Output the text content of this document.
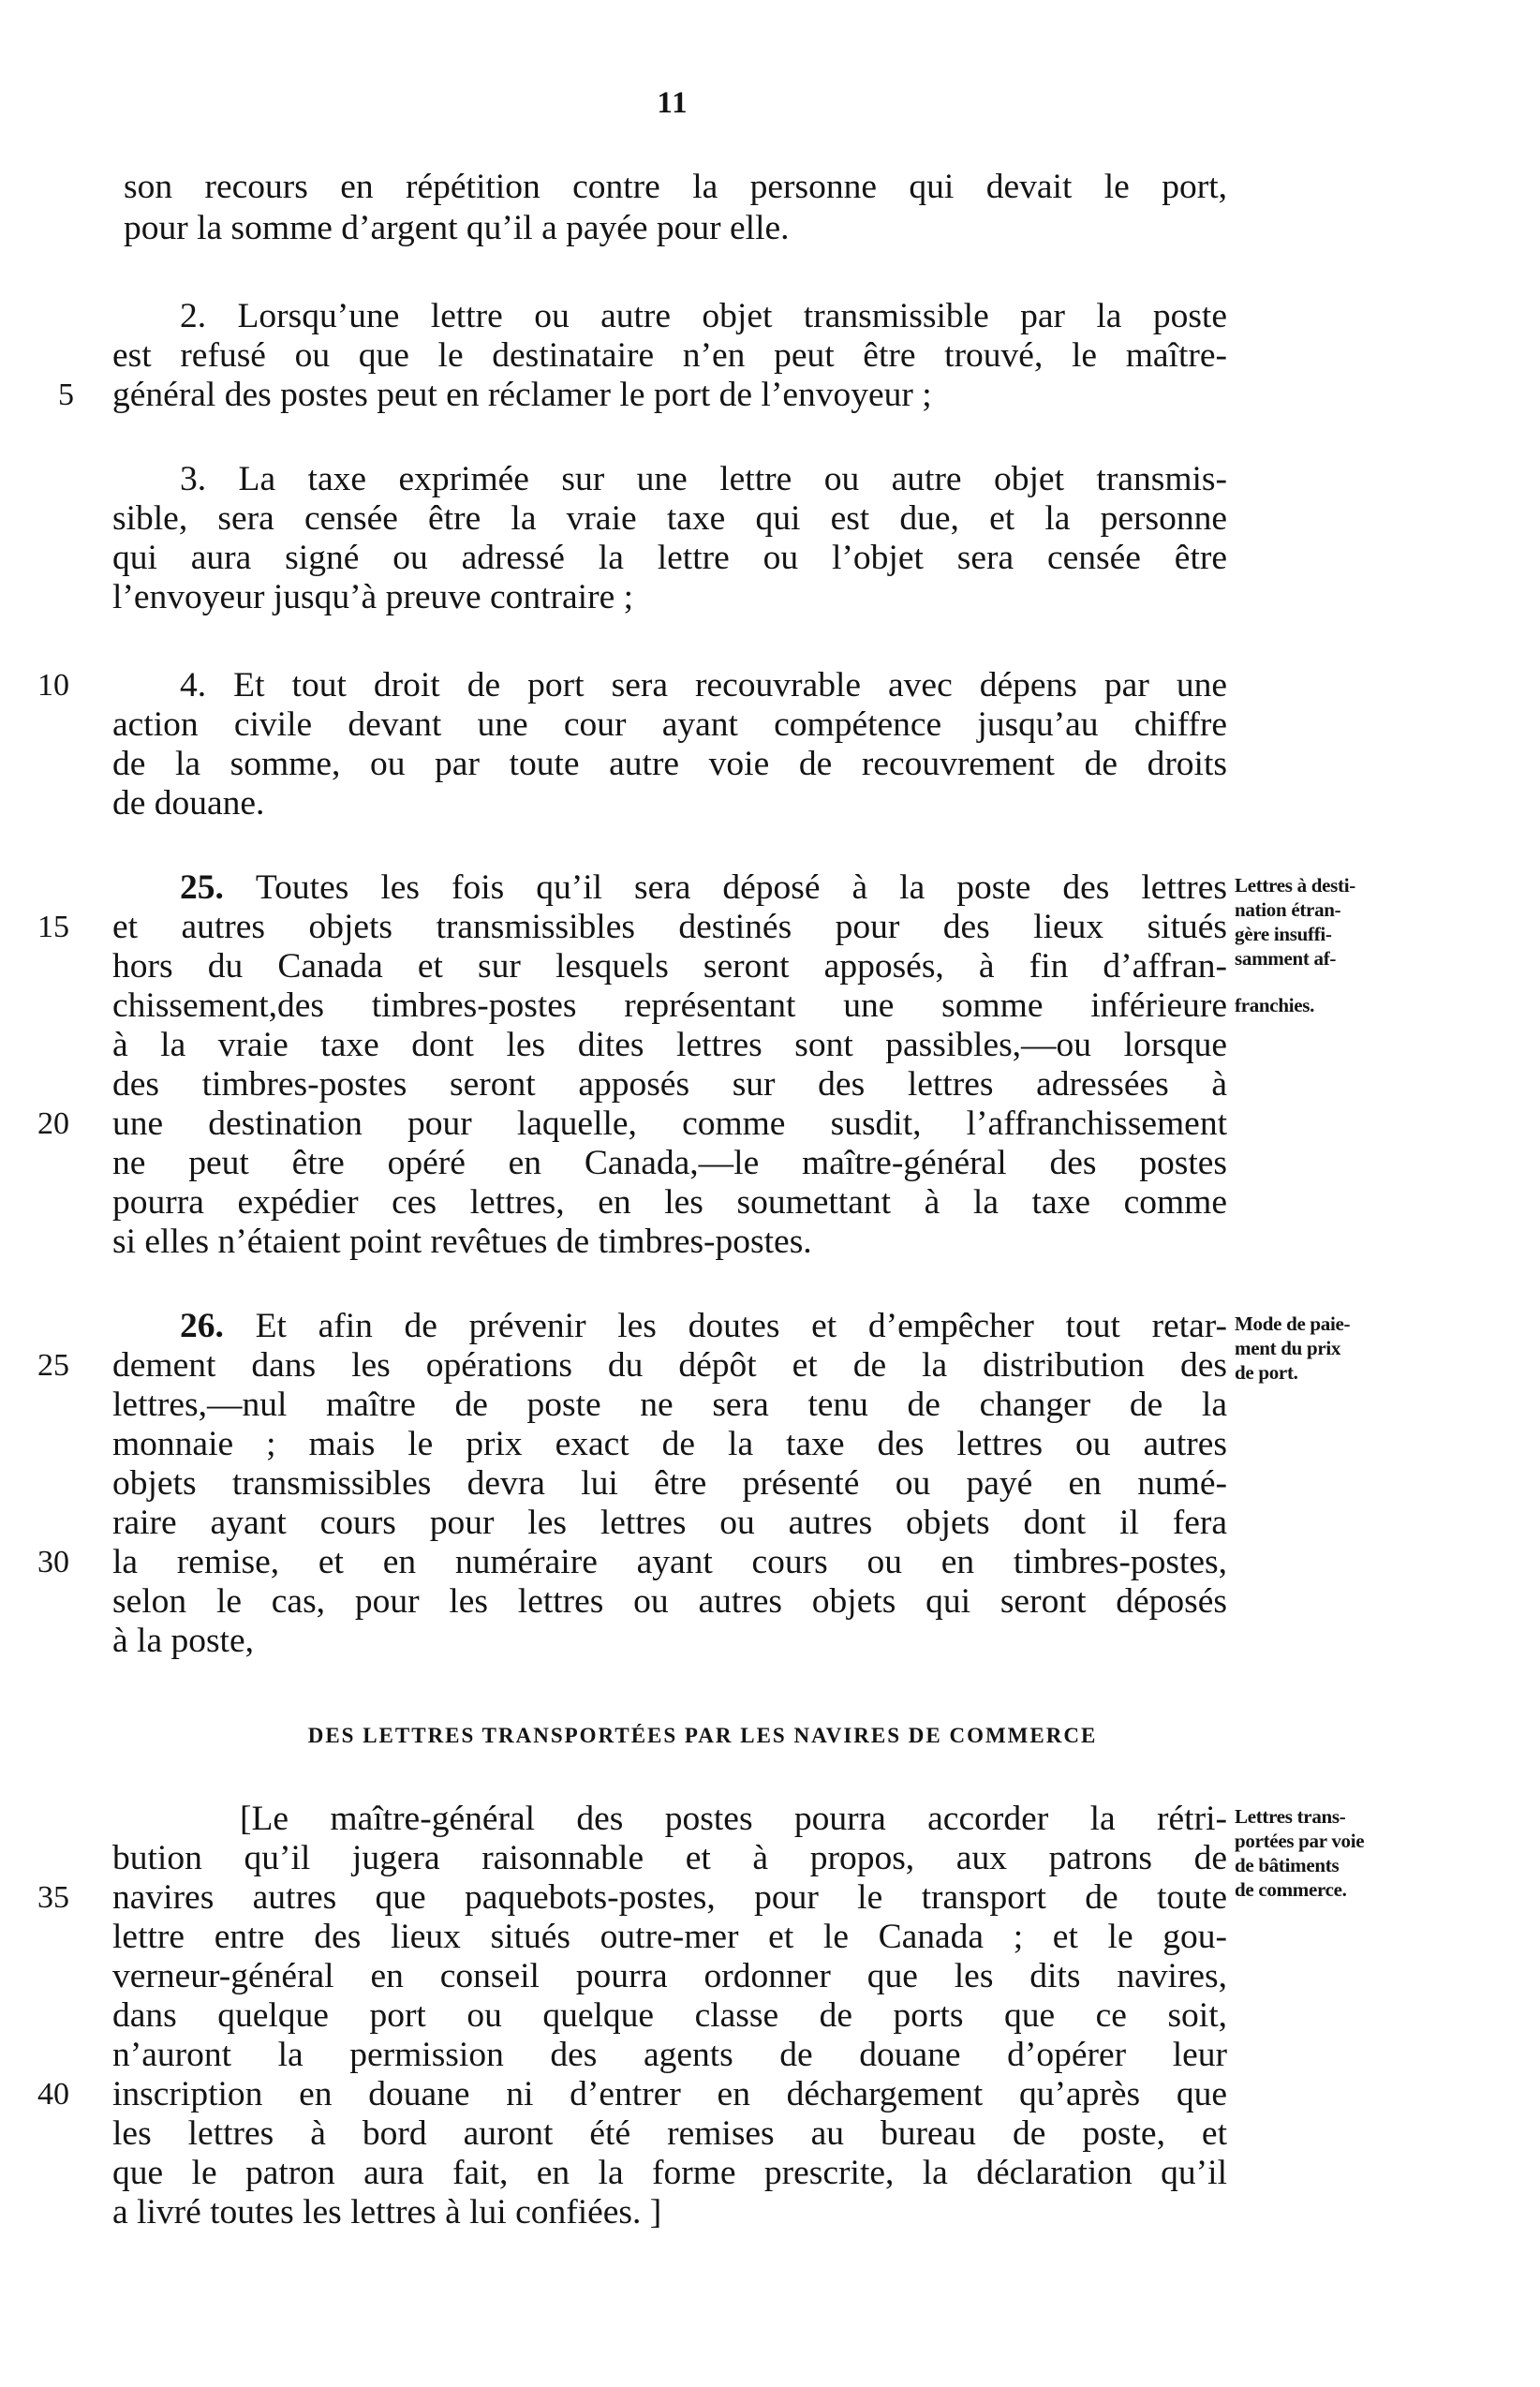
11
son recours en répétition contre la personne qui devait le port,
pour la somme d’argent qu’il a payée pour elle.
2. Lorsqu’une lettre ou autre objet transmissible par la poste
est refusé ou que le destinataire n’en peut être trouvé, le maître-
général des postes peut en réclamer le port de l’envoyeur ;
5
3. La taxe exprimée sur une lettre ou autre objet transmis-
sible, sera censée être la vraie taxe qui est due, et la personne
qui aura signé ou adressé la lettre ou l’objet sera censée être
l’envoyeur jusqu’à preuve contraire ;
4. Et tout droit de port sera recouvrable avec dépens par une
10
action civile devant une cour ayant compétence jusqu’au chiffre
de la somme, ou par toute autre voie de recouvrement de droits
de douane.
25. Toutes les fois qu’il sera déposé à la poste des lettres
et autres objets transmissibles destinés pour des lieux situés
15
hors du Canada et sur lesquels seront apposés, à fin d’affran-
chissement,des timbres-postes représentant une somme inférieure
à la vraie taxe dont les dites lettres sont passibles,—ou lorsque
des timbres-postes seront apposés sur des lettres adressées à
une destination pour laquelle, comme susdit, l’affranchissement
20
ne peut être opéré en Canada,—le maître-général des postes
pourra expédier ces lettres, en les soumettant à la taxe comme
si elles n’étaient point revêtues de timbres-postes.
26. Et afin de prévenir les doutes et d’empêcher tout retar-
dement dans les opérations du dépôt et de la distribution des
25
lettres,—nul maître de poste ne sera tenu de changer de la
monnaie ; mais le prix exact de la taxe des lettres ou autres
objets transmissibles devra lui être présenté ou payé en numé-
raire ayant cours pour les lettres ou autres objets dont il fera
la remise, et en numéraire ayant cours ou en timbres-postes,
30
selon le cas, pour les lettres ou autres objets qui seront déposés
à la poste,
[Le maître-général des postes pourra accorder la rétri-
bution qu’il jugera raisonnable et à propos, aux patrons de
navires autres que paquebots-postes, pour le transport de toute
35
lettre entre des lieux situés outre-mer et le Canada ; et le gou-
verneur-général en conseil pourra ordonner que les dits navires,
dans quelque port ou quelque classe de ports que ce soit,
n’auront la permission des agents de douane d’opérer leur
inscription en douane ni d’entrer en déchargement qu’après que
40
les lettres à bord auront été remises au bureau de poste, et
que le patron aura fait, en la forme prescrite, la déclaration qu’il
a livré toutes les lettres à lui confiées. ]
DES LETTRES TRANSPORTÉES PAR LES NAVIRES DE COMMERCE
Lettres à desti-
nation étran-
gère insuffi-
samment af-
franchies.
Mode de paie-
ment du prix
de port.
Lettres trans-
portées par voie
de bâtiments
de commerce.
